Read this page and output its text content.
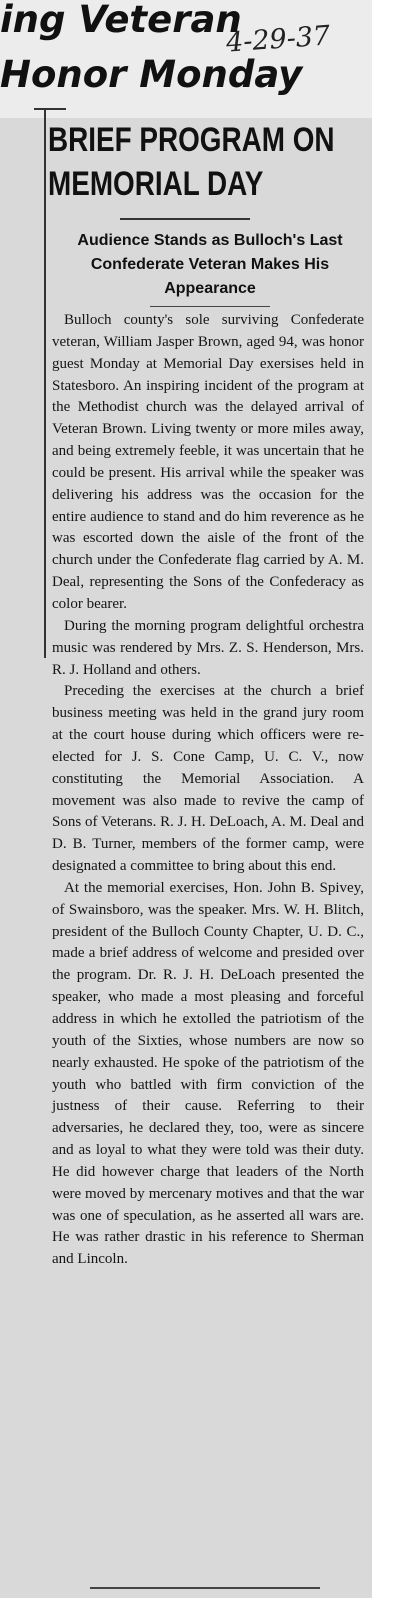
ing Veteran
4-29-37
Honor Monday
BRIEF PROGRAM ON MEMORIAL DAY
Audience Stands as Bulloch's Last Confederate Veteran Makes His Appearance

Bulloch county's sole surviving Confederate veteran, William Jasper Brown, aged 94, was honor guest Monday at Memorial Day exersises held in Statesboro. An inspiring incident of the program at the Methodist church was the delayed arrival of Veteran Brown. Living twenty or more miles away, and being extremely feeble, it was uncertain that he could be present. His arrival while the speaker was delivering his address was the occasion for the entire audience to stand and do him reverence as he was escorted down the aisle of the front of the church under the Confederate flag carried by A. M. Deal, representing the Sons of the Confederacy as color bearer.

During the morning program delightful orchestra music was rendered by Mrs. Z. S. Henderson, Mrs. R. J. Holland and others.

Preceding the exercises at the church a brief business meeting was held in the grand jury room at the court house during which officers were re-elected for J. S. Cone Camp, U. C. V., now constituting the Memorial Association. A movement was also made to revive the camp of Sons of Veterans. R. J. H. DeLoach, A. M. Deal and D. B. Turner, members of the former camp, were designated a committee to bring about this end.

At the memorial exercises, Hon. John B. Spivey, of Swainsboro, was the speaker. Mrs. W. H. Blitch, president of the Bulloch County Chapter, U. D. C., made a brief address of welcome and presided over the program. Dr. R. J. H. DeLoach presented the speaker, who made a most pleasing and forceful address in which he extolled the patriotism of the youth of the Sixties, whose numbers are now so nearly exhausted. He spoke of the patriotism of the youth who battled with firm conviction of the justness of their cause. Referring to their adversaries, he declared they, too, were as sincere and as loyal to what they were told was their duty. He did however charge that leaders of the North were moved by mercenary motives and that the war was one of speculation, as he asserted all wars are. He was rather drastic in his reference to Sherman and Lincoln.
